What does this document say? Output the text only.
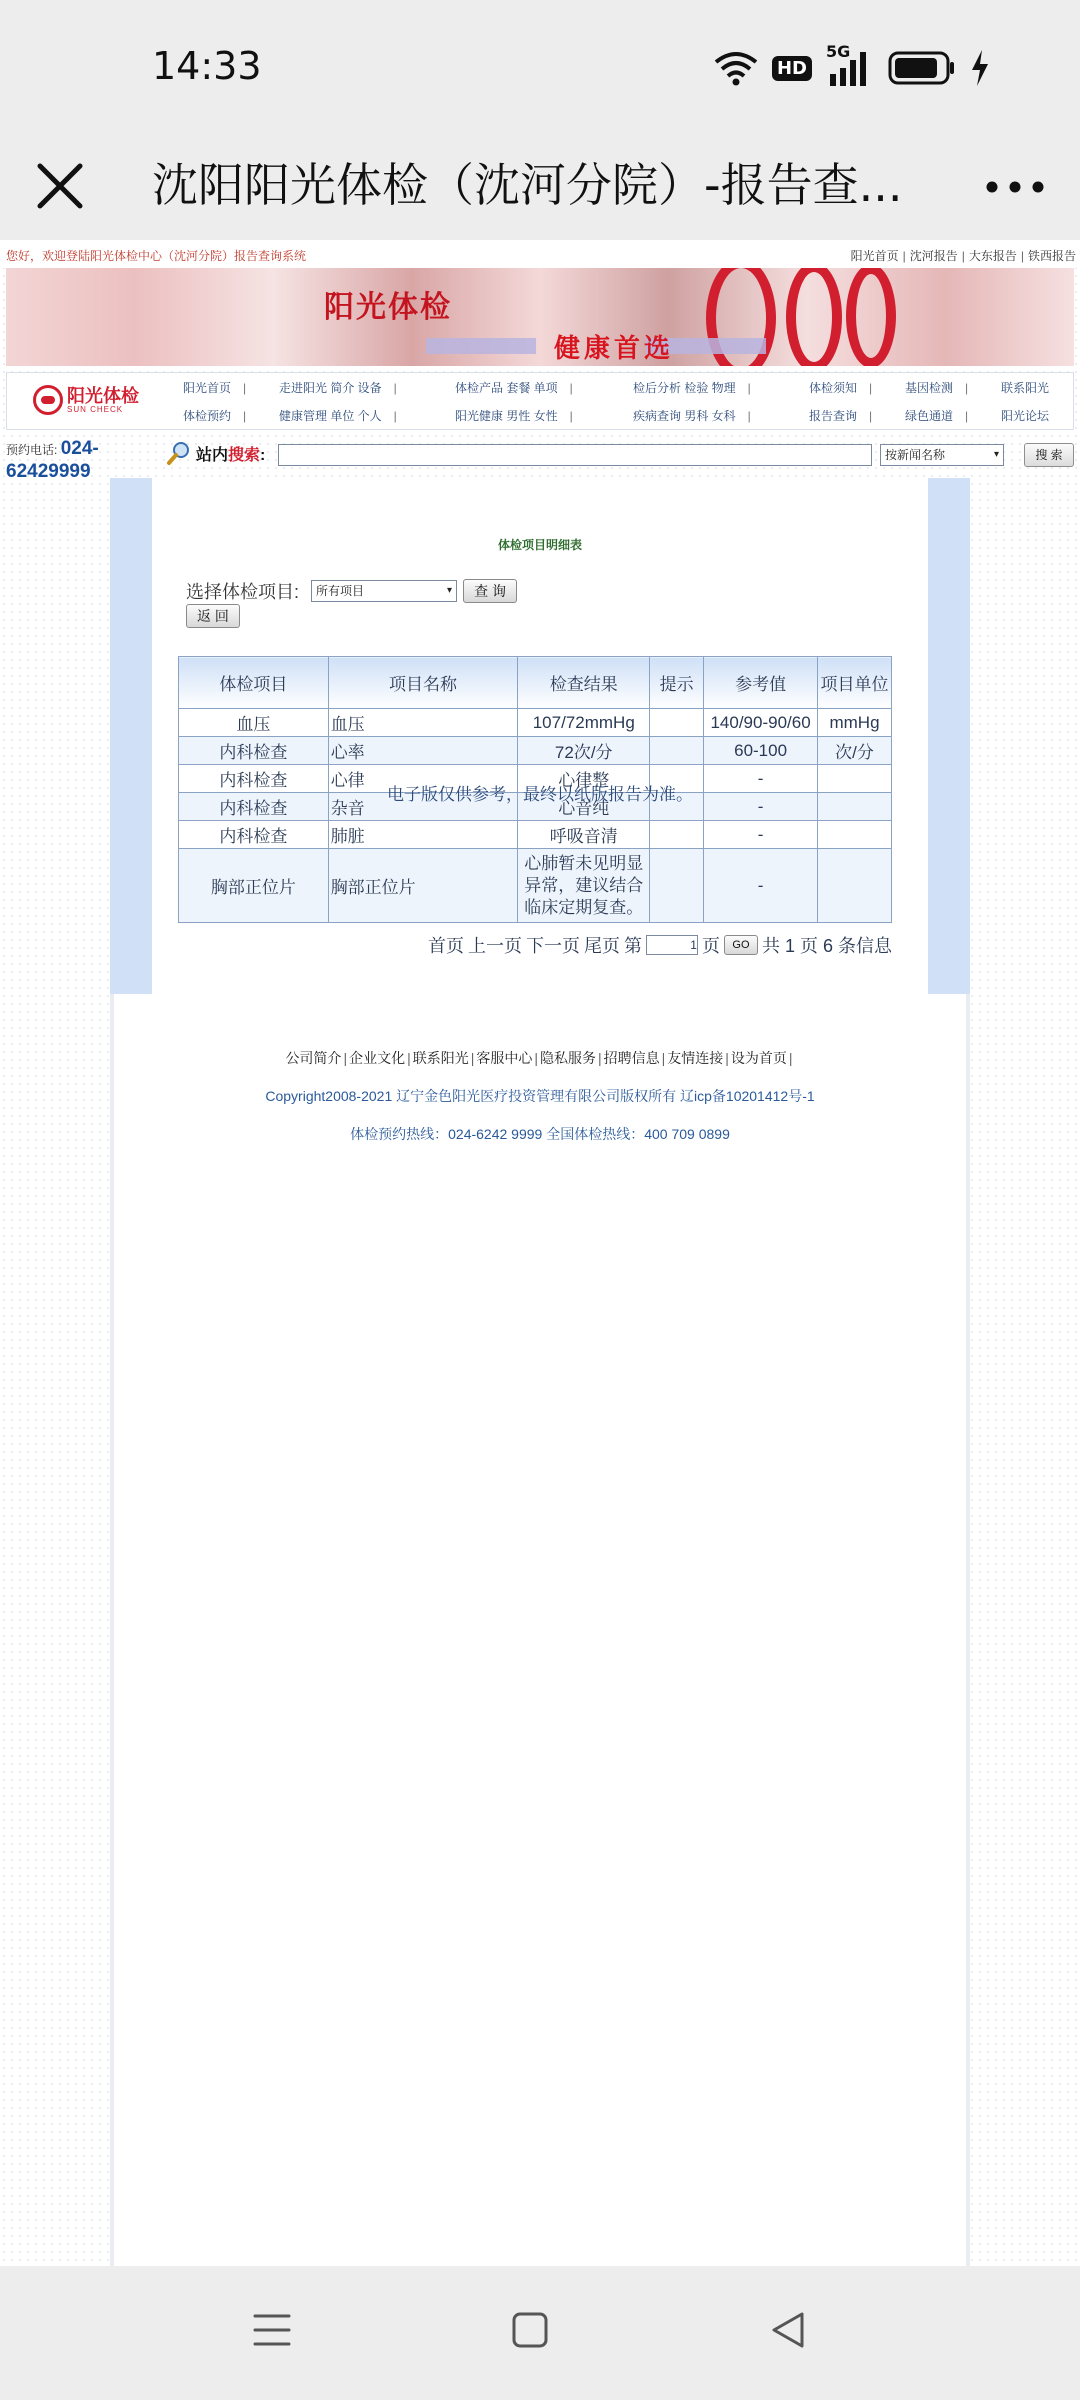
14:33	HD
5G
沈阳阳光体检（沈河分院）-报告查...
您好，欢迎登陆阳光体检中心（沈河分院）报告查询系统	阳光首页 | 沈河报告 | 大东报告 | 铁西报告
阳光体检
健康首选
阳光体检
SUN CHECK
阳光首页 |	走进阳光 简介 设备 |	体检产品 套餐 单项 |	检后分析 检验 物理 |	体检须知 |	基因检测 |	联系阳光
体检预约 |	健康管理 单位 个人 |	阳光健康 男性 女性 |	疾病查询 男科 女科 |	报告查询 |	绿色通道 |	阳光论坛
预约电话: 024-62429999
站内搜索:	按新闻名称	▾	搜 索
体检项目明细表
选择体检项目:	所有项目	▾	查 询
返 回
体检项目	项目名称	检查结果	提示	参考值	项目单位
血压	血压	107/72mmHg		140/90-90/60	mmHg
内科检查	心率	72次/分		60-100	次/分
内科检查	心律	心律整		-	
内科检查	杂音	心音纯		-	
内科检查	肺脏	呼吸音清		-	
胸部正位片	胸部正位片	心肺暂未见明显异常，建议结合临床定期复查。		-	
首页 上一页 下一页 尾页 第	1 页	GO 共 1 页 6 条信息
电子版仅供参考，最终以纸版报告为准。
公司简介 | 企业文化 | 联系阳光 | 客服中心 | 隐私服务 | 招聘信息 | 友情连接 | 设为首页 |
Copyright2008-2021 辽宁金色阳光医疗投资管理有限公司版权所有 辽icp备10201412号-1
体检预约热线：024-6242 9999 全国体检热线：400 709 0899
